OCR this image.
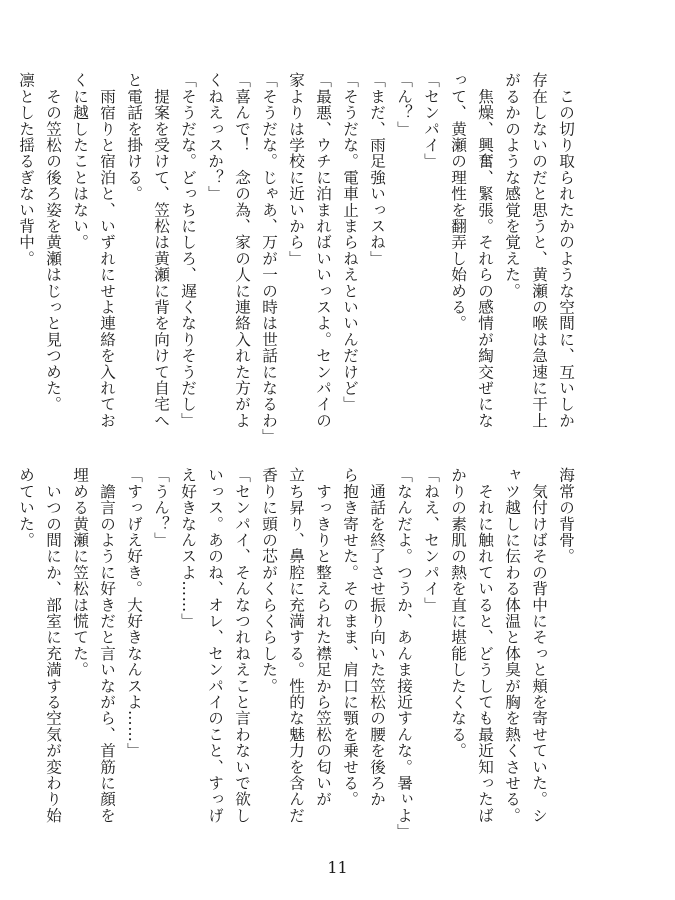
　この切り取られたかのような空間に、互いしか
存在しないのだと思うと、黄瀬の喉は急速に干上
がるかのような感覚を覚えた。
　焦燥、興奮、緊張。それらの感情が綯交ぜにな
って、黄瀬の理性を翻弄し始める。
「センパイ」
「ん？」
「まだ、雨足強いっスね」
「そうだな。電車止まらねえといいんだけど」
「最悪、ウチに泊まればいいっスよ。センパイの
家よりは学校に近いから」
「そうだな。じゃあ、万が一の時は世話になるわ」
「喜んで！　念の為、家の人に連絡入れた方がよ
くねえっスか？」
「そうだな。どっちにしろ、遅くなりそうだし」
　提案を受けて、笠松は黄瀬に背を向けて自宅へ
と電話を掛ける。
　雨宿りと宿泊と、いずれにせよ連絡を入れてお
くに越したことはない。
　その笠松の後ろ姿を黄瀬はじっと見つめた。
凛とした揺るぎない背中。
海常の背骨。
　気付けばその背中にそっと頬を寄せていた。シ
ャツ越しに伝わる体温と体臭が胸を熱くさせる。
　それに触れていると、どうしても最近知ったば
かりの素肌の熱を直に堪能したくなる。
「ねえ、センパイ」
「なんだよ。つうか、あんま接近すんな。暑ぃよ」
　通話を終了させ振り向いた笠松の腰を後ろか
ら抱き寄せた。そのまま、肩口に顎を乗せる。
　すっきりと整えられた襟足から笠松の匂いが
立ち昇り、鼻腔に充満する。性的な魅力を含んだ
香りに頭の芯がくらくらした。
「センパイ、そんなつれねえこと言わないで欲し
いっス。あのね、オレ、センパイのこと、すっげ
え好きなんスよ……」
「うん？」
「すっげえ好き。大好きなんスよ……」
　譫言のように好きだと言いながら、首筋に顔を
埋める黄瀬に笠松は慌てた。
　いつの間にか、部室に充満する空気が変わり始
めていた。
11
